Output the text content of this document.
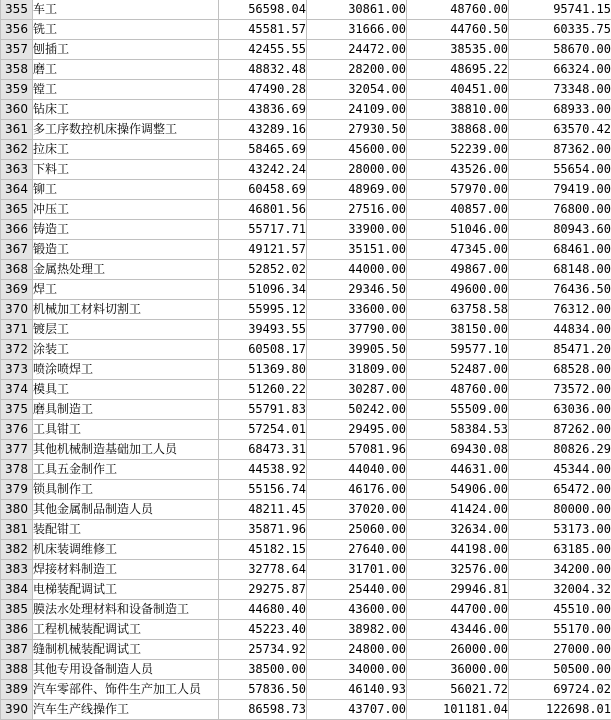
355	车工	56598.04	30861.00	48760.00	95741.15
356	铣工	45581.57	31666.00	44760.50	60335.75
357	刨插工	42455.55	24472.00	38535.00	58670.00
358	磨工	48832.48	28200.00	48695.22	66324.00
359	镗工	47490.28	32054.00	40451.00	73348.00
360	钻床工	43836.69	24109.00	38810.00	68933.00
361	多工序数控机床操作调整工	43289.16	27930.50	38868.00	63570.42
362	拉床工	58465.69	45600.00	52239.00	87362.00
363	下料工	43242.24	28000.00	43526.00	55654.00
364	铆工	60458.69	48969.00	57970.00	79419.00
365	冲压工	46801.56	27516.00	40857.00	76800.00
366	铸造工	55717.71	33900.00	51046.00	80943.60
367	锻造工	49121.57	35151.00	47345.00	68461.00
368	金属热处理工	52852.02	44000.00	49867.00	68148.00
369	焊工	51096.34	29346.50	49600.00	76436.50
370	机械加工材料切割工	55995.12	33600.00	63758.58	76312.00
371	镀层工	39493.55	37790.00	38150.00	44834.00
372	涂装工	60508.17	39905.50	59577.10	85471.20
373	喷涂喷焊工	51369.80	31809.00	52487.00	68528.00
374	模具工	51260.22	30287.00	48760.00	73572.00
375	磨具制造工	55791.83	50242.00	55509.00	63036.00
376	工具钳工	57254.01	29495.00	58384.53	87262.00
377	其他机械制造基础加工人员	68473.31	57081.96	69430.08	80826.29
378	工具五金制作工	44538.92	44040.00	44631.00	45344.00
379	锁具制作工	55156.74	46176.00	54906.00	65472.00
380	其他金属制品制造人员	48211.45	37020.00	41424.00	80000.00
381	装配钳工	35871.96	25060.00	32634.00	53173.00
382	机床装调维修工	45182.15	27640.00	44198.00	63185.00
383	焊接材料制造工	32778.64	31701.00	32576.00	34200.00
384	电梯装配调试工	29275.87	25440.00	29946.81	32004.32
385	膜法水处理材料和设备制造工	44680.40	43600.00	44700.00	45510.00
386	工程机械装配调试工	45223.40	38982.00	43446.00	55170.00
387	缝制机械装配调试工	25734.92	24800.00	26000.00	27000.00
388	其他专用设备制造人员	38500.00	34000.00	36000.00	50500.00
389	汽车零部件、饰件生产加工人员	57836.50	46140.93	56021.72	69724.02
390	汽车生产线操作工	86598.73	43707.00	101181.04	122698.01
